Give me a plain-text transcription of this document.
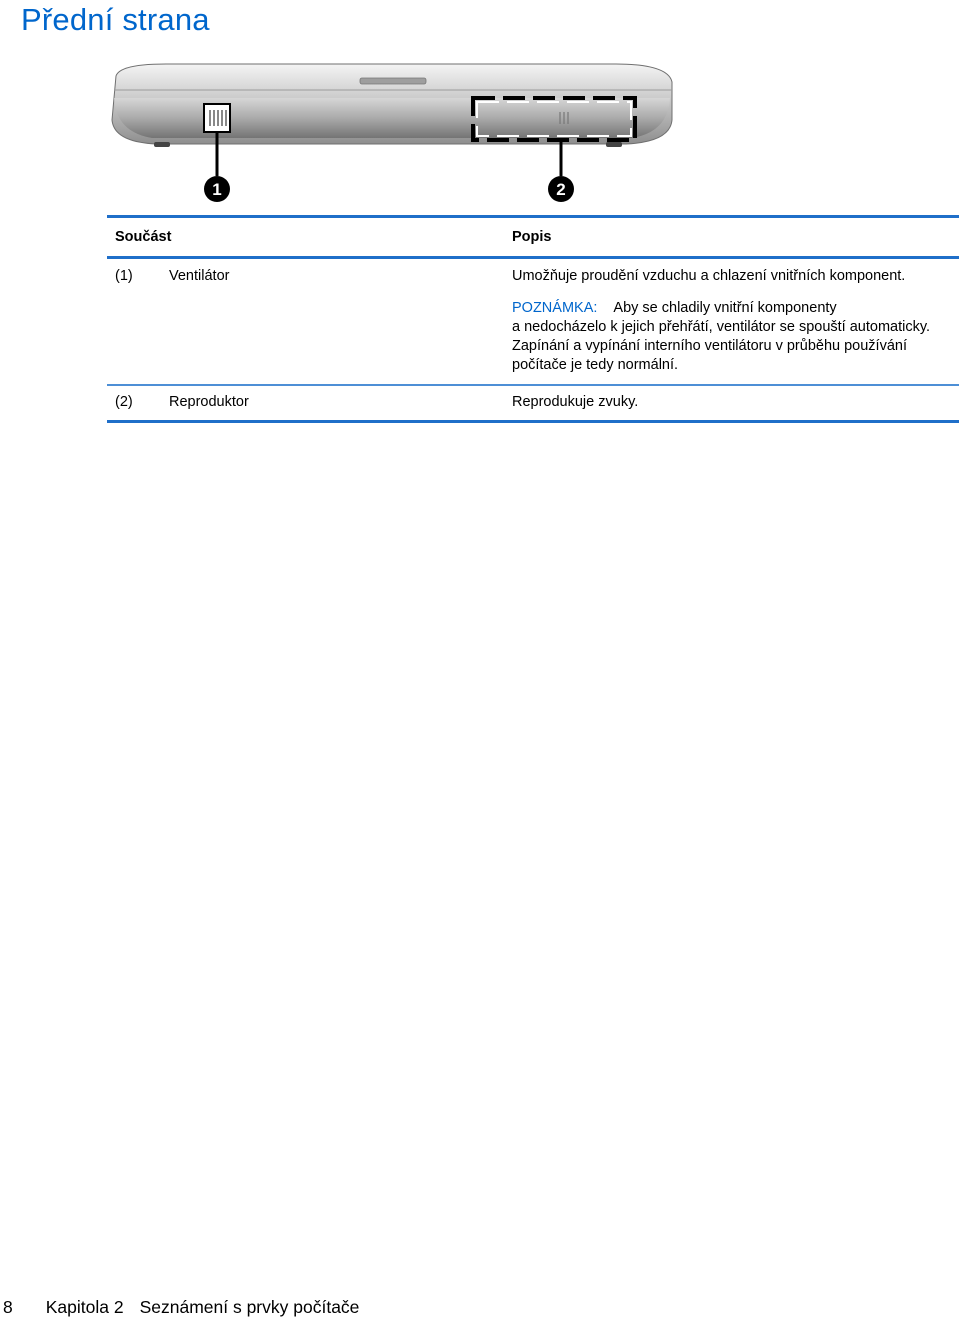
Přední strana
1	2
Součást	Popis
(1)	Ventilátor	Umožňuje proudění vzduchu a chlazení vnitřních komponent.
POZNÁMKA: Aby se chladily vnitřní komponenty
a nedocházelo k jejich přehřátí, ventilátor se spouští automaticky.
Zapínání a vypínání interního ventilátoru v průběhu používání
počítače je tedy normální.
(2)	Reproduktor	Reprodukuje zvuky.
8 Kapitola 2 Seznámení s prvky počítače
